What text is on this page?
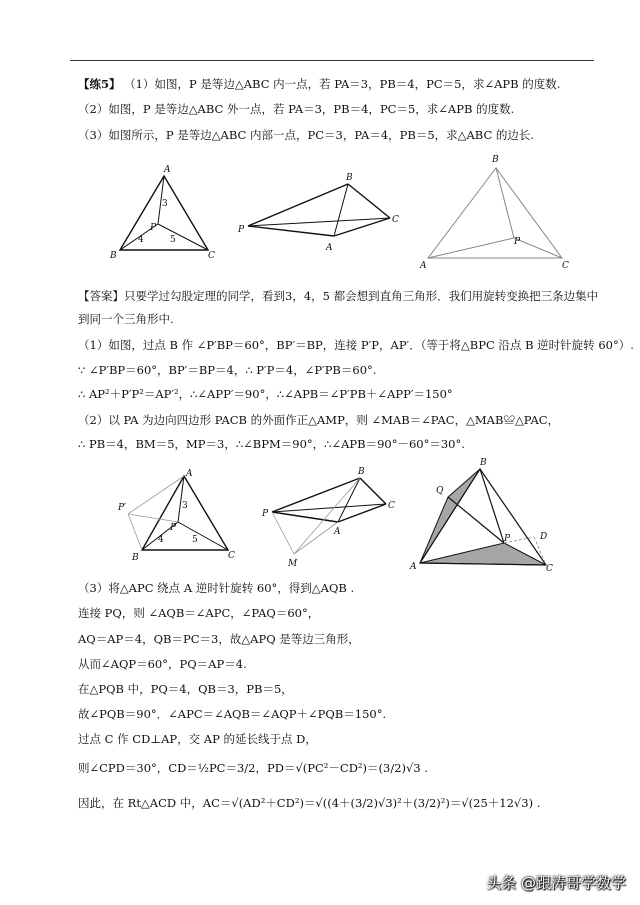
【练5】 （1）如图，P 是等边△ABC 内一点，若 PA＝3，PB＝4，PC＝5，求∠APB 的度数.
（2）如图，P 是等边△ABC 外一点，若 PA＝3，PB＝4，PC＝5，求∠APB 的度数.
（3）如图所示，P 是等边△ABC 内部一点，PC＝3，PA＝4，PB＝5，求△ABC 的边长.
A
B	C
P
3
4	5
P
B
C
A
B
A	C
P
【答案】只要学过勾股定理的同学，看到3，4，5 都会想到直角三角形．我们用旋转变换把三条边集中
到同一个三角形中.
（1）如图，过点 B 作 ∠P′BP＝60°，BP′＝BP，连接 P′P，AP′．（等于将△BPC 沿点 B 逆时针旋转 60°）.
∵ ∠P′BP＝60°，BP′＝BP＝4，∴ P′P＝4，∠P′PB＝60°.
∴ AP²＋P′P²＝AP′²，∴∠APP′＝90°，∴∠APB＝∠P′PB＋∠APP′＝150°
（2）以 PA 为边向四边形 PACB 的外面作正△AMP，则 ∠MAB＝∠PAC，△MAB≌△PAC，
∴ PB＝4，BM＝5，MP＝3，∴∠BPM＝90°，∴∠APB＝90°－60°＝30°.
A
B	C
P
P′	3
4	5
P
B
C
A
M
B
Q
A	C
P	D
（3）将△APC 绕点 A 逆时针旋转 60°，得到△AQB .
连接 PQ，则 ∠AQB＝∠APC，∠PAQ＝60°，
AQ＝AP＝4，QB＝PC＝3，故△APQ 是等边三角形，
从而∠AQP＝60°，PQ＝AP＝4.
在△PQB 中，PQ＝4，QB＝3，PB＝5，
故∠PQB＝90°．∠APC＝∠AQB＝∠AQP＋∠PQB＝150°.
过点 C 作 CD⊥AP，交 AP 的延长线于点 D，
则∠CPD＝30°，CD＝½PC＝3/2，PD＝√(PC²－CD²)＝(3/2)√3 .
因此，在 Rt△ACD 中，AC＝√(AD²＋CD²)＝√((4＋(3/2)√3)²＋(3/2)²)＝√(25＋12√3) .
头条 @跟涛哥学数学
